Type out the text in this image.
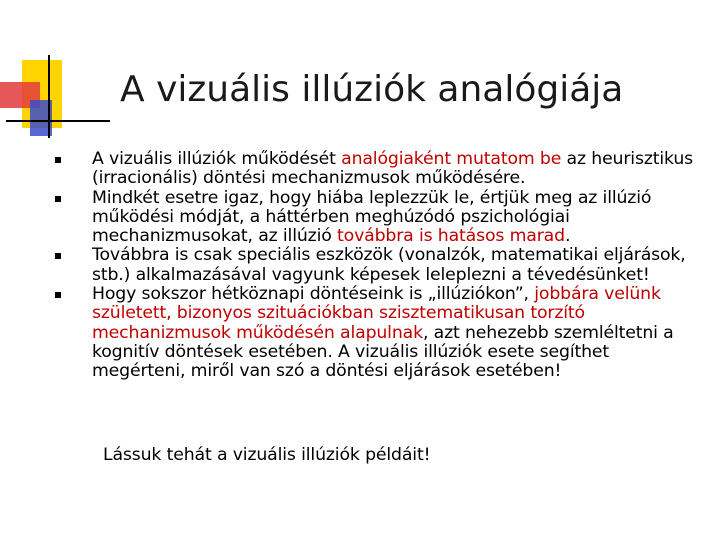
A vizuális illúziók analógiája
A vizuális illúziók működését analógiaként mutatom be az heurisztikus (irracionális) döntési mechanizmusok működésére.
Mindkét esetre igaz, hogy hiába leplezzük le, értjük meg az illúzió működési módját, a háttérben meghúzódó pszichológiai mechanizmusokat, az illúzió továbbra is hatásos marad.
Továbbra is csak speciális eszközök (vonalzók, matematikai eljárások, stb.) alkalmazásával vagyunk képesek leleplezni a tévedésünket!
Hogy sokszor hétköznapi döntéseink is „illúziókon”, jobbára velünk született, bizonyos szituációkban szisztematikusan torzító mechanizmusok működésén alapulnak, azt nehezebb szemléltetni a kognitív döntések esetében. A vizuális illúziók esete segíthet megérteni, miről van szó a döntési eljárások esetében!
Lássuk tehát a vizuális illúziók példáit!
